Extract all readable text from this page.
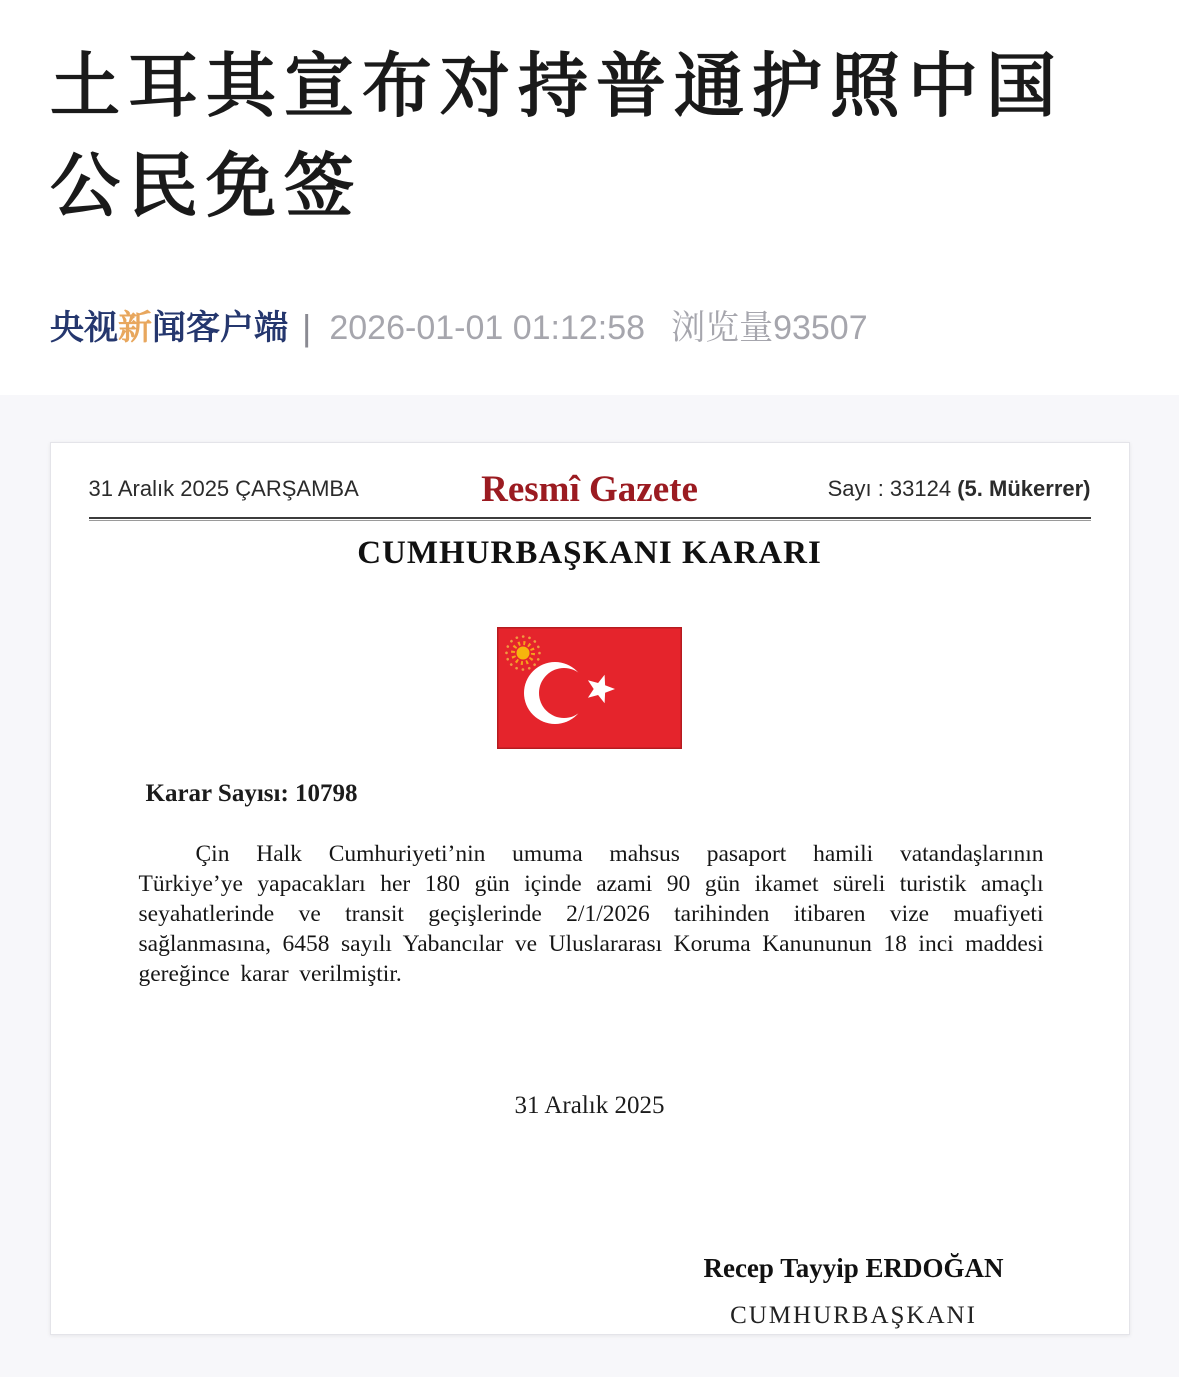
土耳其宣布对持普通护照中国公民免签
央视新闻客户端 | 2026-01-01 01:12:58 浏览量93507
31 Aralık 2025 ÇARŞAMBA	Resmî Gazete	Sayı : 33124 (5. Mükerrer)
CUMHURBAŞKANI KARARI
Karar Sayısı: 10798

Çin Halk Cumhuriyeti’nin umuma mahsus pasaport hamili vatandaşlarının Türkiye’ye yapacakları her 180 gün içinde azami 90 gün ikamet süreli turistik amaçlı seyahatlerinde ve transit geçişlerinde 2/1/2026 tarihinden itibaren vize muafiyeti sağlanmasına, 6458 sayılı Yabancılar ve Uluslararası Koruma Kanununun 18 inci maddesi gereğince karar verilmiştir.

31 Aralık 2025
Recep Tayyip ERDOĞAN
CUMHURBAŞKANI
